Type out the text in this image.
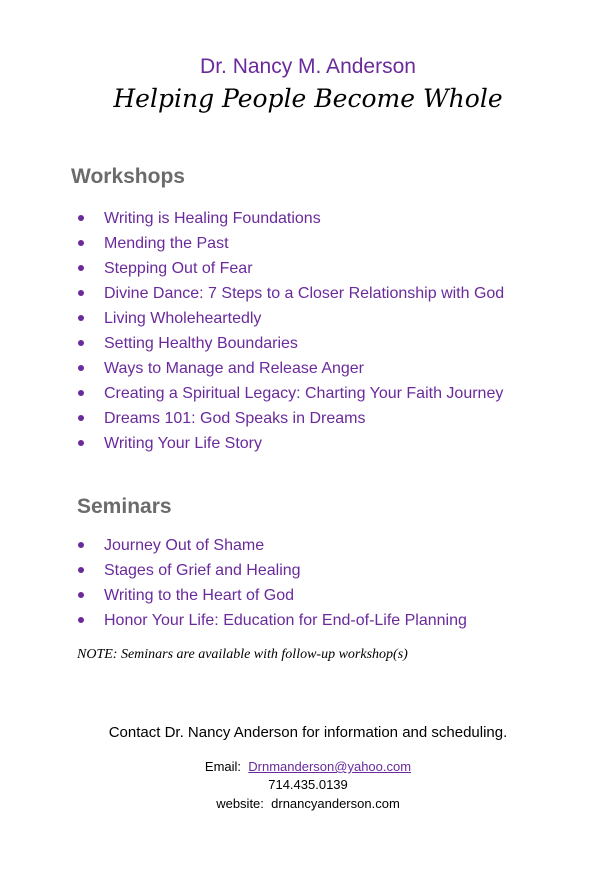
Dr. Nancy M. Anderson
Helping People Become Whole
Workshops
Writing is Healing Foundations
Mending the Past
Stepping Out of Fear
Divine Dance: 7 Steps to a Closer Relationship with God
Living Wholeheartedly
Setting Healthy Boundaries
Ways to Manage and Release Anger
Creating a Spiritual Legacy: Charting Your Faith Journey
Dreams 101: God Speaks in Dreams
Writing Your Life Story
Seminars
Journey Out of Shame
Stages of Grief and Healing
Writing to the Heart of God
Honor Your Life: Education for End-of-Life Planning
NOTE: Seminars are available with follow-up workshop(s)
Contact Dr. Nancy Anderson for information and scheduling.
Email: Drnmanderson@yahoo.com
714.435.0139
website: drnancyanderson.com
